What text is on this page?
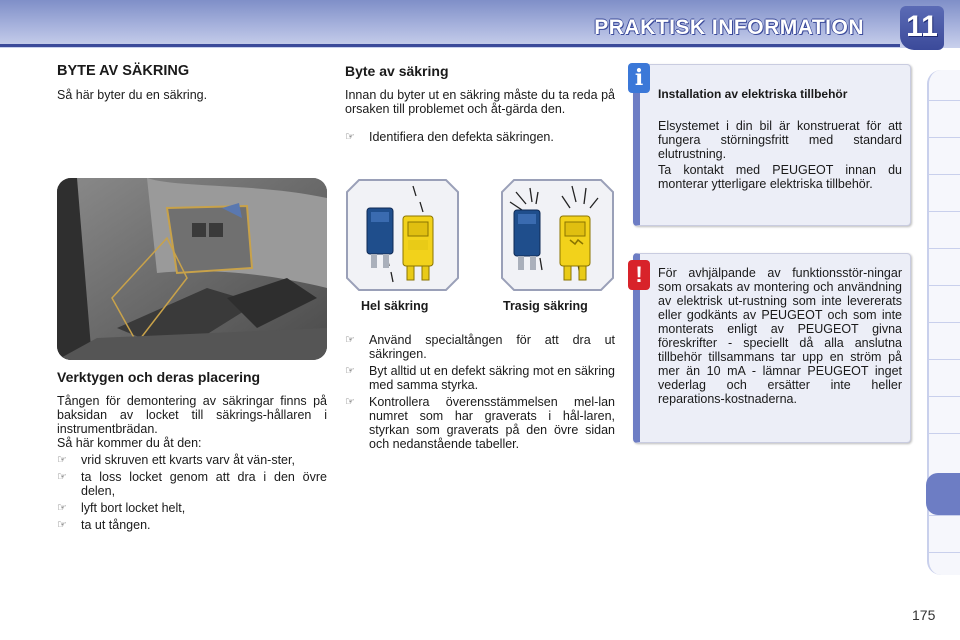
PRAKTISK INFORMATION 11
BYTE AV SÄKRING
Så här byter du en säkring.
Verktygen och deras placering
Tången för demontering av säkringar finns på baksidan av locket till säkrings-hållaren i instrumentbrädan.
Så här kommer du åt den:
☞ vrid skruven ett kvarts varv åt vän-ster,
☞ ta loss locket genom att dra i den övre delen,
☞ lyft bort locket helt,
☞ ta ut tången.
Byte av säkring
Innan du byter ut en säkring måste du ta reda på orsaken till problemet och åt-gärda den.
☞ Identifiera den defekta säkringen.
Hel säkring	Trasig säkring
☞ Använd specialtången för att dra ut säkringen.
☞ Byt alltid ut en defekt säkring mot en säkring med samma styrka.
☞ Kontrollera överensstämmelsen mel-lan numret som har graverats i hål-laren, styrkan som graverats på den övre sidan och nedanstående tabeller.
i
Installation av elektriska tillbehör
Elsystemet i din bil är konstruerat för att fungera störningsfritt med standard elutrustning.
Ta kontakt med PEUGEOT innan du monterar ytterligare elektriska tillbehör.
!	För avhjälpande av funktionsstör-ningar som orsakats av montering och användning av elektrisk ut-rustning som inte levererats eller godkänts av PEUGEOT och som inte monterats enligt av PEUGEOT givna föreskrifter - speciellt då alla anslutna tillbehör tillsammans tar upp en ström på mer än 10 mA - lämnar PEUGEOT inget vederlag och ersätter inte heller reparations-kostnaderna.
175
